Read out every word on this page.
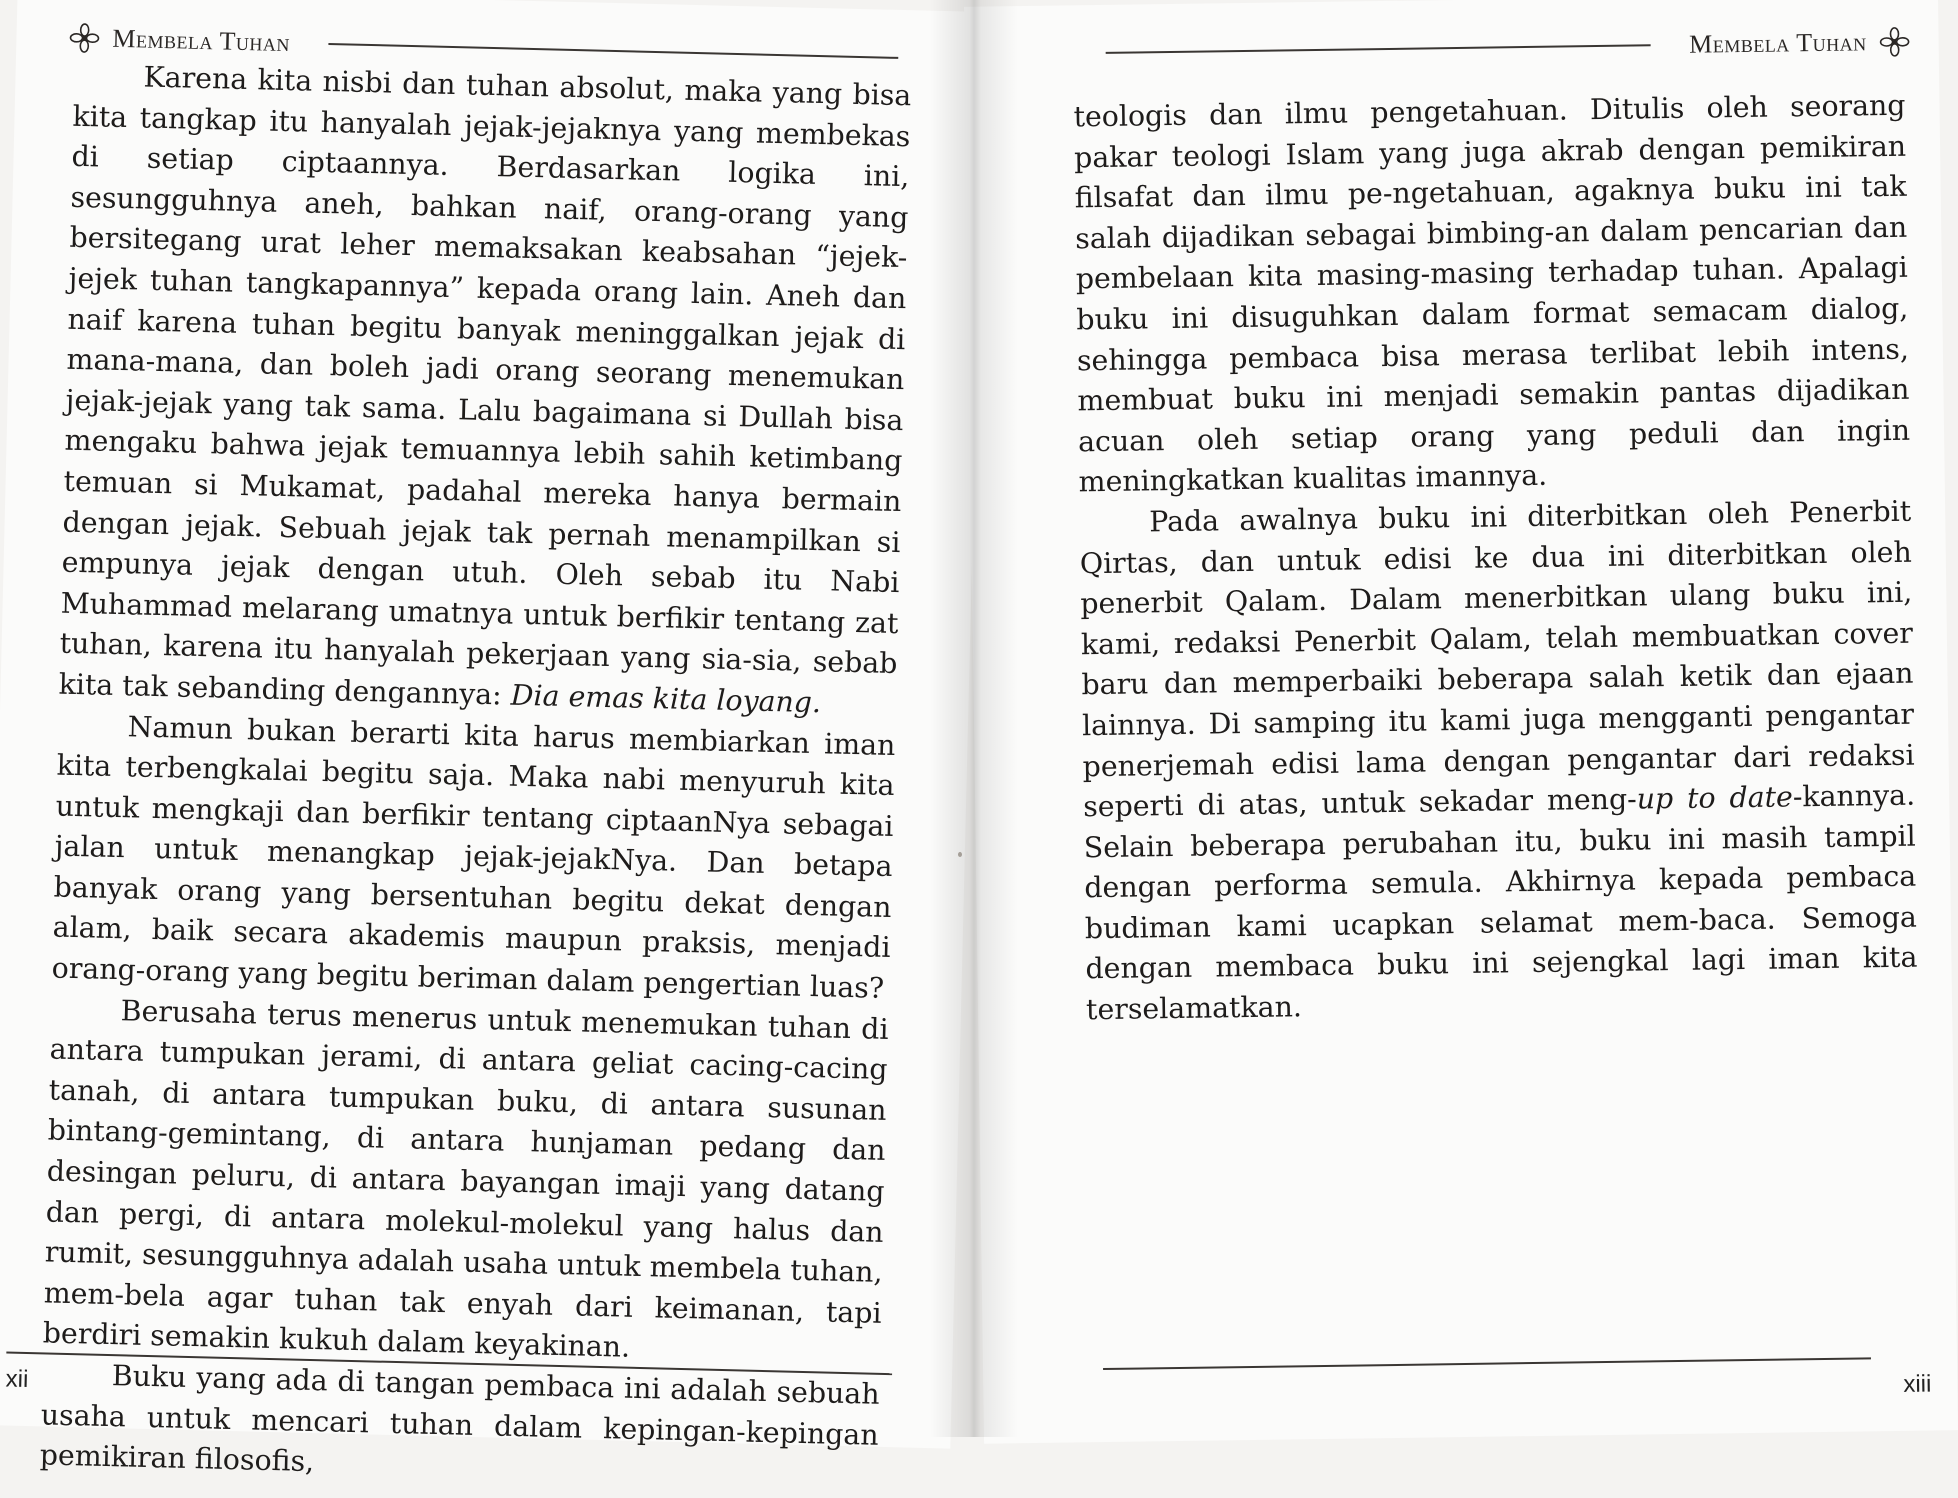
Membela Tuhan

Karena kita nisbi dan tuhan absolut, maka yang bisa kita tangkap itu hanyalah jejak-jejaknya yang membekas di setiap ciptaannya. Berdasarkan logika ini, sesungguhnya aneh, bahkan naif, orang-orang yang bersitegang urat leher memaksakan keabsahan “jejek-jejek tuhan tangkapannya” kepada orang lain. Aneh dan naif karena tuhan begitu banyak meninggalkan jejak di mana-mana, dan boleh jadi orang seorang menemukan jejak-jejak yang tak sama. Lalu bagaimana si Dullah bisa mengaku bahwa jejak temuannya lebih sahih ketimbang temuan si Mukamat, padahal mereka hanya bermain dengan jejak. Sebuah jejak tak pernah menampilkan si empunya jejak dengan utuh. Oleh sebab itu Nabi Muhammad melarang umatnya untuk berfikir tentang zat tuhan, karena itu hanyalah pekerjaan yang sia-sia, sebab kita tak sebanding dengannya: Dia emas kita loyang.

Namun bukan berarti kita harus membiarkan iman kita terbengkalai begitu saja. Maka nabi menyuruh kita untuk mengkaji dan berfikir tentang ciptaanNya sebagai jalan untuk menangkap jejak-jejakNya. Dan betapa banyak orang yang bersentuhan begitu dekat dengan alam, baik secara akademis maupun praksis, menjadi orang-orang yang begitu beriman dalam pengertian luas?

Berusaha terus menerus untuk menemukan tuhan di antara tumpukan jerami, di antara geliat cacing-cacing tanah, di antara tumpukan buku, di antara susunan bintang-gemintang, di antara hunjaman pedang dan desingan peluru, di antara bayangan imaji yang datang dan pergi, di antara molekul-molekul yang halus dan rumit, sesungguhnya adalah usaha untuk membela tuhan, mem-bela agar tuhan tak enyah dari keimanan, tapi berdiri semakin kukuh dalam keyakinan.

Buku yang ada di tangan pembaca ini adalah sebuah usaha untuk mencari tuhan dalam kepingan-kepingan pemikiran filosofis,

xii
Membela Tuhan

teologis dan ilmu pengetahuan. Ditulis oleh seorang pakar teologi Islam yang juga akrab dengan pemikiran filsafat dan ilmu pe-ngetahuan, agaknya buku ini tak salah dijadikan sebagai bimbing-an dalam pencarian dan pembelaan kita masing-masing terhadap tuhan. Apalagi buku ini disuguhkan dalam format semacam dialog, sehingga pembaca bisa merasa terlibat lebih intens, membuat buku ini menjadi semakin pantas dijadikan acuan oleh setiap orang yang peduli dan ingin meningkatkan kualitas imannya.

Pada awalnya buku ini diterbitkan oleh Penerbit Qirtas, dan untuk edisi ke dua ini diterbitkan oleh penerbit Qalam. Dalam menerbitkan ulang buku ini, kami, redaksi Penerbit Qalam, telah membuatkan cover baru dan memperbaiki beberapa salah ketik dan ejaan lainnya. Di samping itu kami juga mengganti pengantar penerjemah edisi lama dengan pengantar dari redaksi seperti di atas, untuk sekadar meng-up to date-kannya. Selain beberapa perubahan itu, buku ini masih tampil dengan performa semula. Akhirnya kepada pembaca budiman kami ucapkan selamat mem-baca. Semoga dengan membaca buku ini sejengkal lagi iman kita terselamatkan.

xiii
